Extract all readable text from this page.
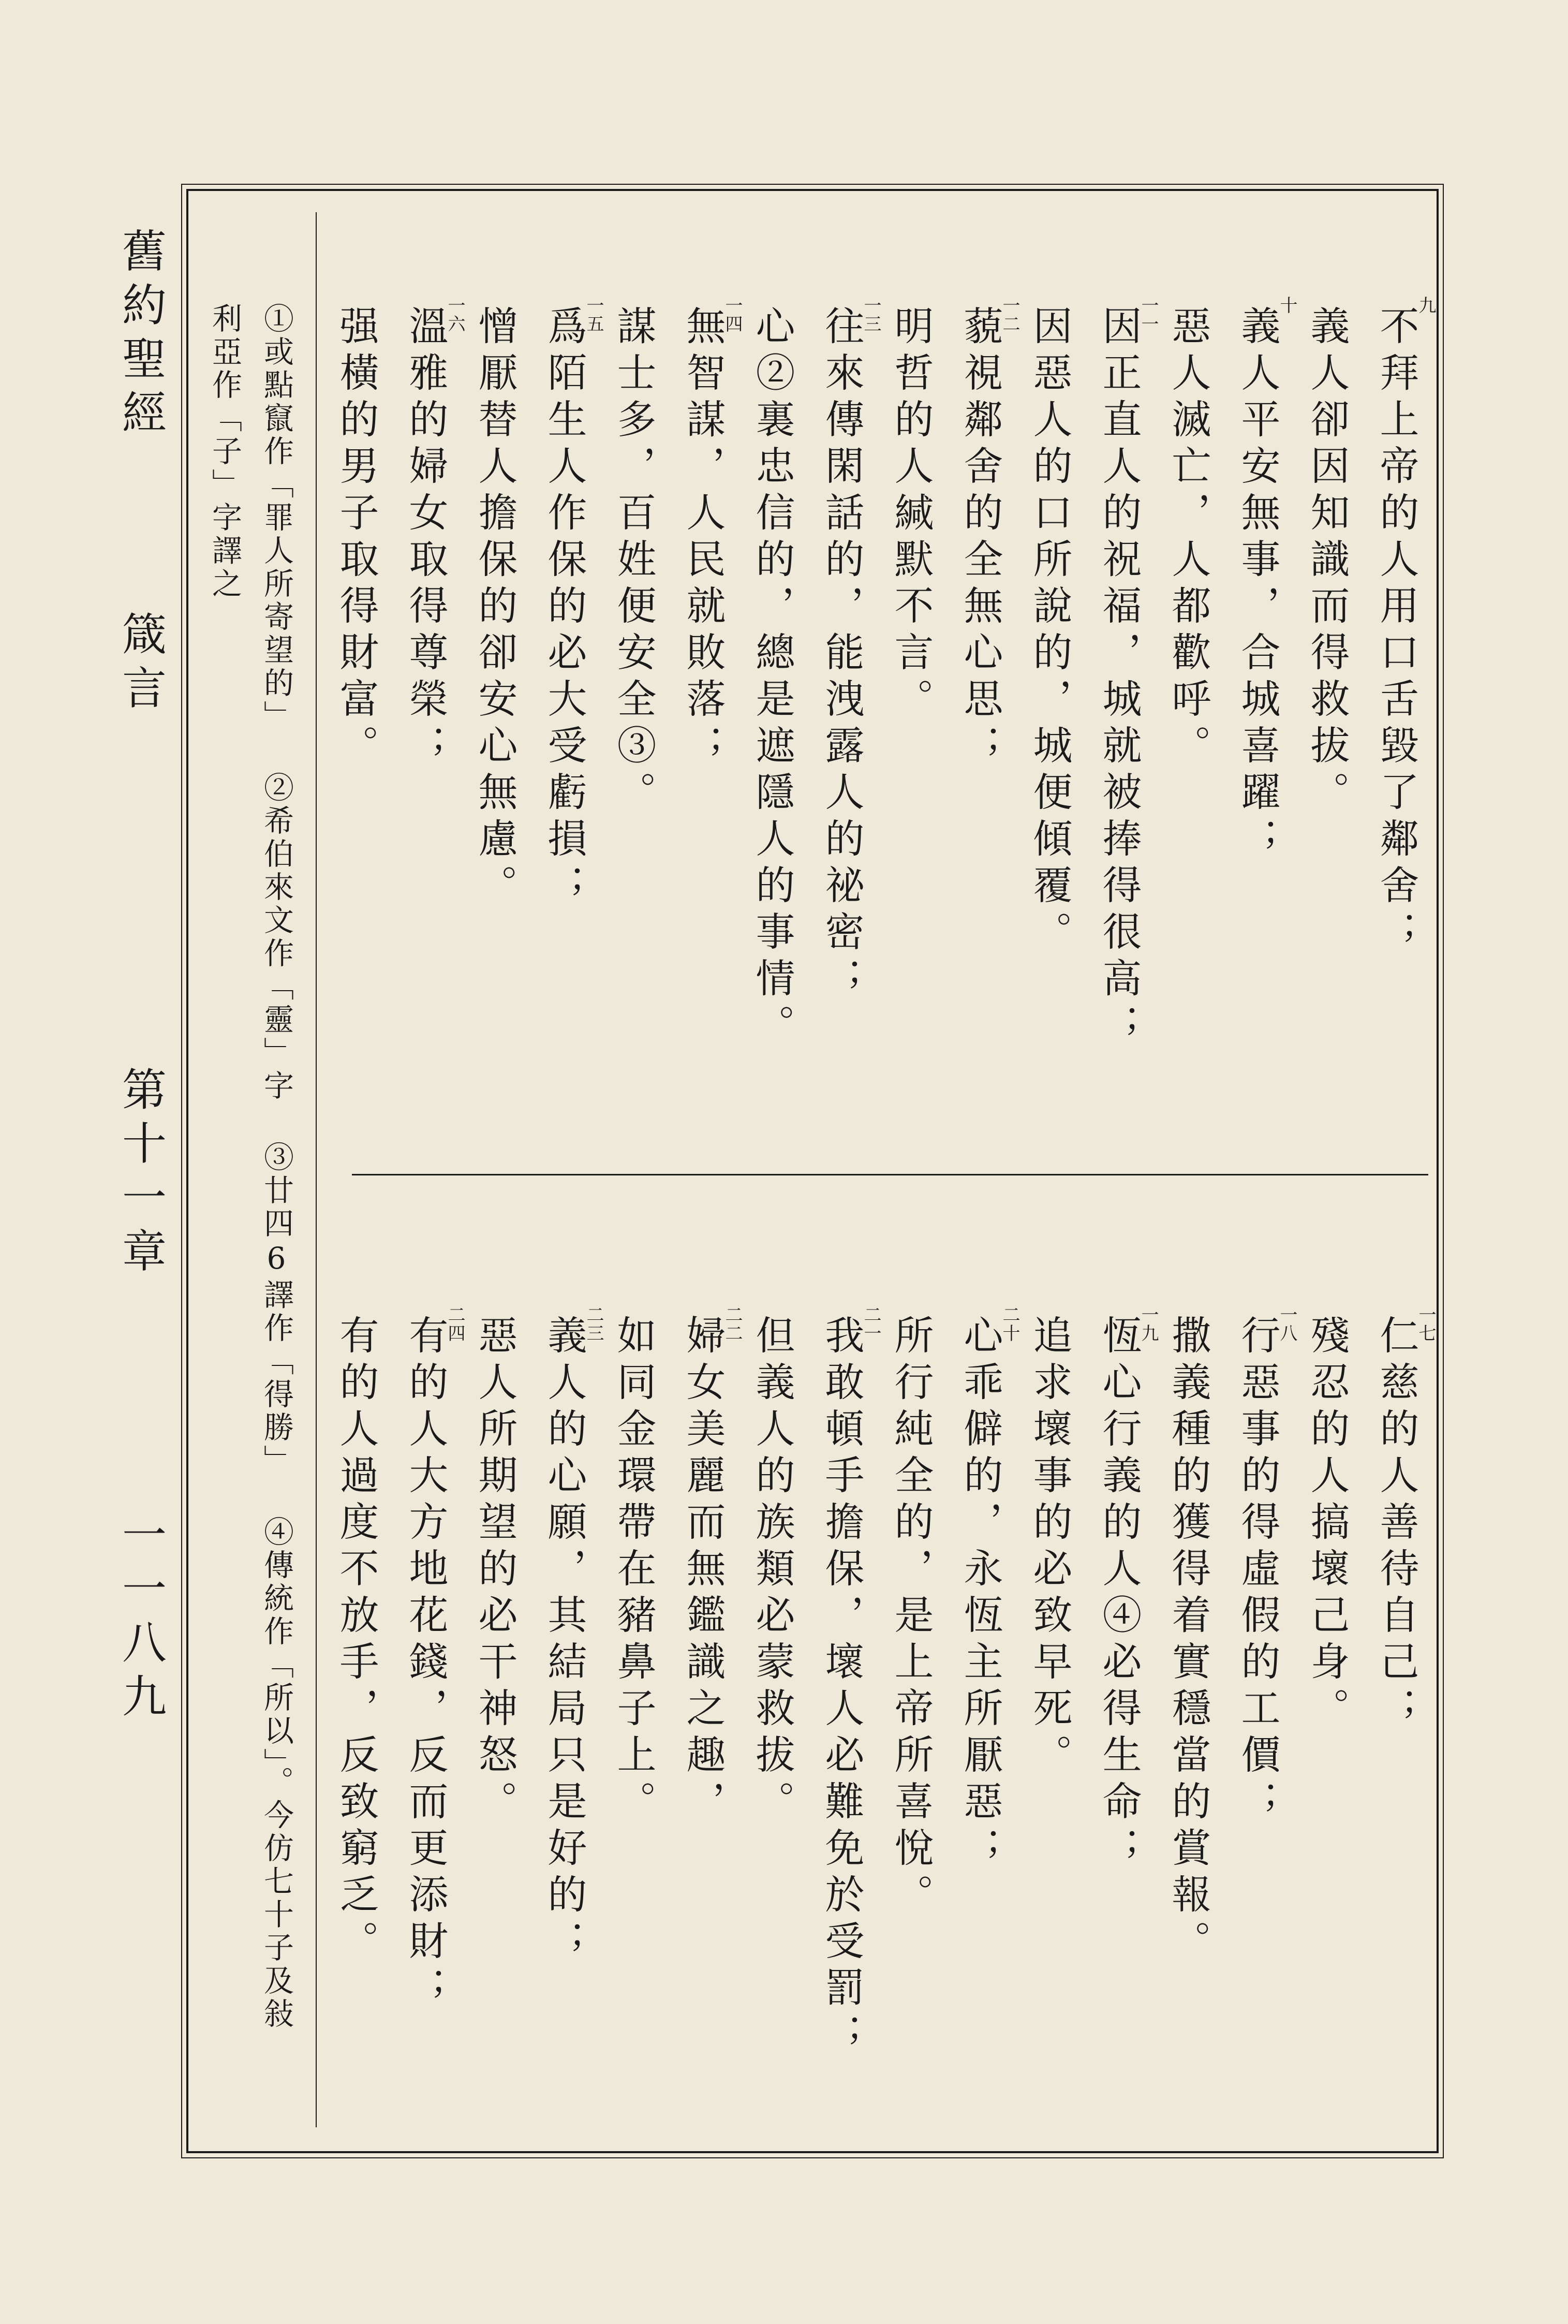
舊約聖經
箴言
第十一章
一一八九
不拜上帝的人用口舌毀了鄰舍；
九
義人卻因知識而得救拔。
義人平安無事，合城喜躍；
十
惡人滅亡，人都歡呼。
因正直人的祝福，城就被捧得很高；
一一
因惡人的口所說的，城便傾覆。
藐視鄰舍的全無心思；
一二
明哲的人緘默不言。
往來傳閑話的，能洩露人的祕密；
一三
心②裏忠信的，總是遮隱人的事情。
無智謀，人民就敗落；
一四
謀士多，百姓便安全③。
爲陌生人作保的必大受虧損；
一五
憎厭替人擔保的卻安心無慮。
溫雅的婦女取得尊榮；
一六
强橫的男子取得財富。
仁慈的人善待自己；
一七
殘忍的人搞壞己身。
行惡事的得虛假的工價；
一八
撒義種的獲得着實穩當的賞報。
恆心行義的人④必得生命；
一九
追求壞事的必致早死。
心乖僻的，永恆主所厭惡；
二十
所行純全的，是上帝所喜悅。
我敢頓手擔保，壞人必難免於受罰；
二一
但義人的族類必蒙救拔。
婦女美麗而無鑑識之趣，
二二
如同金環帶在豬鼻子上。
義人的心願，其結局只是好的；
二三
惡人所期望的必干神怒。
有的人大方地花錢，反而更添財；
二四
有的人過度不放手，反致窮乏。
①或點竄作「罪人所寄望的」 ②希伯來文作「靈」字 ③廿四6譯作「得勝」 ④傳統作「所以」。今仿七十子及敍
利亞作「子」字譯之
